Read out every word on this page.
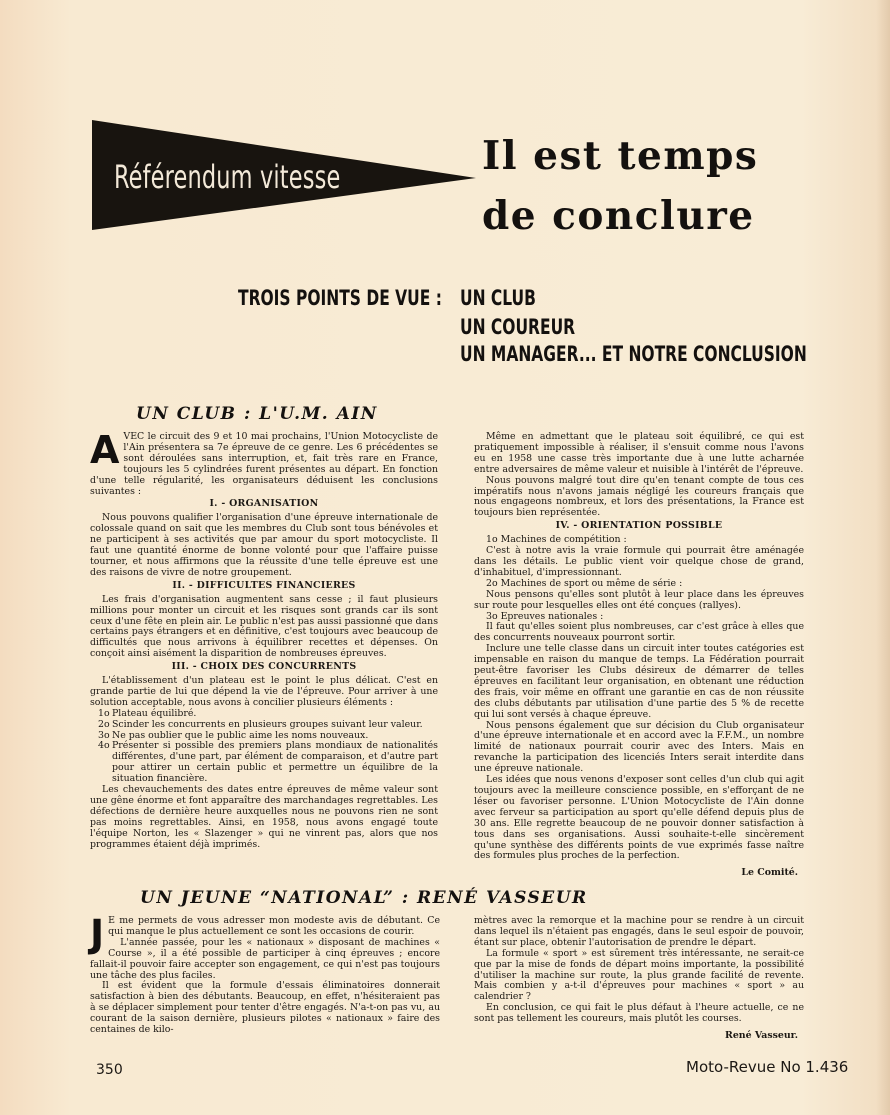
Référendum vitesse	Il est temps
de conclure
TROIS POINTS DE VUE : UN CLUB
UN COUREUR
UN MANAGER... ET NOTRE CONCLUSION
UN CLUB : L'U.M. AIN

AVEC le circuit des 9 et 10 mai prochains, l'Union Motocycliste de l'Ain présentera sa 7e épreuve de ce genre. Les 6 précédentes se sont déroulées sans interruption, et, fait très rare en France, toujours les 5 cylindrées furent présentes au départ. En fonction d'une telle régularité, les organisateurs déduisent les conclusions suivantes :

I. - ORGANISATION

Nous pouvons qualifier l'organisation d'une épreuve internationale de colossale quand on sait que les membres du Club sont tous bénévoles et ne participent à ses activités que par amour du sport motocycliste. Il faut une quantité énorme de bonne volonté pour que l'affaire puisse tourner, et nous affirmons que la réussite d'une telle épreuve est une des raisons de vivre de notre groupement.

II. - DIFFICULTES FINANCIERES

Les frais d'organisation augmentent sans cesse ; il faut plusieurs millions pour monter un circuit et les risques sont grands car ils sont ceux d'une fête en plein air. Le public n'est pas aussi passionné que dans certains pays étrangers et en définitive, c'est toujours avec beaucoup de difficultés que nous arrivons à équilibrer recettes et dépenses. On conçoit ainsi aisément la disparition de nombreuses épreuves.

III. - CHOIX DES CONCURRENTS

L'établissement d'un plateau est le point le plus délicat. C'est en grande partie de lui que dépend la vie de l'épreuve. Pour arriver à une solution acceptable, nous avons à concilier plusieurs éléments :

1o Plateau équilibré.

2o Scinder les concurrents en plusieurs groupes suivant leur valeur.

3o Ne pas oublier que le public aime les noms nouveaux.

4o Présenter si possible des premiers plans mondiaux de nationalités différentes, d'une part, par élément de comparaison, et d'autre part pour attirer un certain public et permettre un équilibre de la situation financière.

Les chevauchements des dates entre épreuves de même valeur sont une gêne énorme et font apparaître des marchandages regrettables. Les défections de dernière heure auxquelles nous ne pouvons rien ne sont pas moins regrettables. Ainsi, en 1958, nous avons engagé toute l'équipe Norton, les « Slazenger » qui ne vinrent pas, alors que nos programmes étaient déjà imprimés.

Même en admettant que le plateau soit équilibré, ce qui est pratiquement impossible à réaliser, il s'ensuit comme nous l'avons eu en 1958 une casse très importante due à une lutte acharnée entre adversaires de même valeur et nuisible à l'intérêt de l'épreuve.

Nous pouvons malgré tout dire qu'en tenant compte de tous ces impératifs nous n'avons jamais négligé les coureurs français que nous engageons nombreux, et lors des présentations, la France est toujours bien représentée.

IV. - ORIENTATION POSSIBLE

1o Machines de compétition :

C'est à notre avis la vraie formule qui pourrait être aménagée dans les détails. Le public vient voir quelque chose de grand, d'inhabituel, d'impressionnant.

2o Machines de sport ou même de série :

Nous pensons qu'elles sont plutôt à leur place dans les épreuves sur route pour lesquelles elles ont été conçues (rallyes).

3o Epreuves nationales :

Il faut qu'elles soient plus nombreuses, car c'est grâce à elles que des concurrents nouveaux pourront sortir.

Inclure une telle classe dans un circuit inter toutes catégories est impensable en raison du manque de temps. La Fédération pourrait peut-être favoriser les Clubs désireux de démarrer de telles épreuves en facilitant leur organisation, en obtenant une réduction des frais, voir même en offrant une garantie en cas de non réussite des clubs débutants par utilisation d'une partie des 5 % de recette qui lui sont versés à chaque épreuve.

Nous pensons également que sur décision du Club organisateur d'une épreuve internationale et en accord avec la F.F.M., un nombre limité de nationaux pourrait courir avec des Inters. Mais en revanche la participation des licenciés Inters serait interdite dans une épreuve nationale.

Les idées que nous venons d'exposer sont celles d'un club qui agit toujours avec la meilleure conscience possible, en s'efforçant de ne léser ou favoriser personne. L'Union Motocycliste de l'Ain donne avec ferveur sa participation au sport qu'elle défend depuis plus de 30 ans. Elle regrette beaucoup de ne pouvoir donner satisfaction à tous dans ses organisations. Aussi souhaite-t-elle sincèrement qu'une synthèse des différents points de vue exprimés fasse naître des formules plus proches de la perfection.

Le Comité.

UN JEUNE “NATIONAL” : RENÉ VASSEUR

J E me permets de vous adresser mon modeste avis de débutant. Ce qui manque le plus actuellement ce sont les occasions de courir.

L'année passée, pour les « nationaux » disposant de machines « Course », il a été possible de participer à cinq épreuves ; encore fallait-il pouvoir faire accepter son engagement, ce qui n'est pas toujours une tâche des plus faciles.

Il est évident que la formule d'essais éliminatoires donnerait satisfaction à bien des débutants. Beaucoup, en effet, n'hésiteraient pas à se déplacer simplement pour tenter d'être engagés. N'a-t-on pas vu, au courant de la saison dernière, plusieurs pilotes « nationaux » faire des centaines de kilo-

mètres avec la remorque et la machine pour se rendre à un circuit dans lequel ils n'étaient pas engagés, dans le seul espoir de pouvoir, étant sur place, obtenir l'autorisation de prendre le départ.

La formule « sport » est sûrement très intéressante, ne serait-ce que par la mise de fonds de départ moins importante, la possibilité d'utiliser la machine sur route, la plus grande facilité de revente. Mais combien y a-t-il d'épreuves pour machines « sport » au calendrier ?

En conclusion, ce qui fait le plus défaut à l'heure actuelle, ce ne sont pas tellement les coureurs, mais plutôt les courses.

René Vasseur.

350	Moto-Revue No 1.436
